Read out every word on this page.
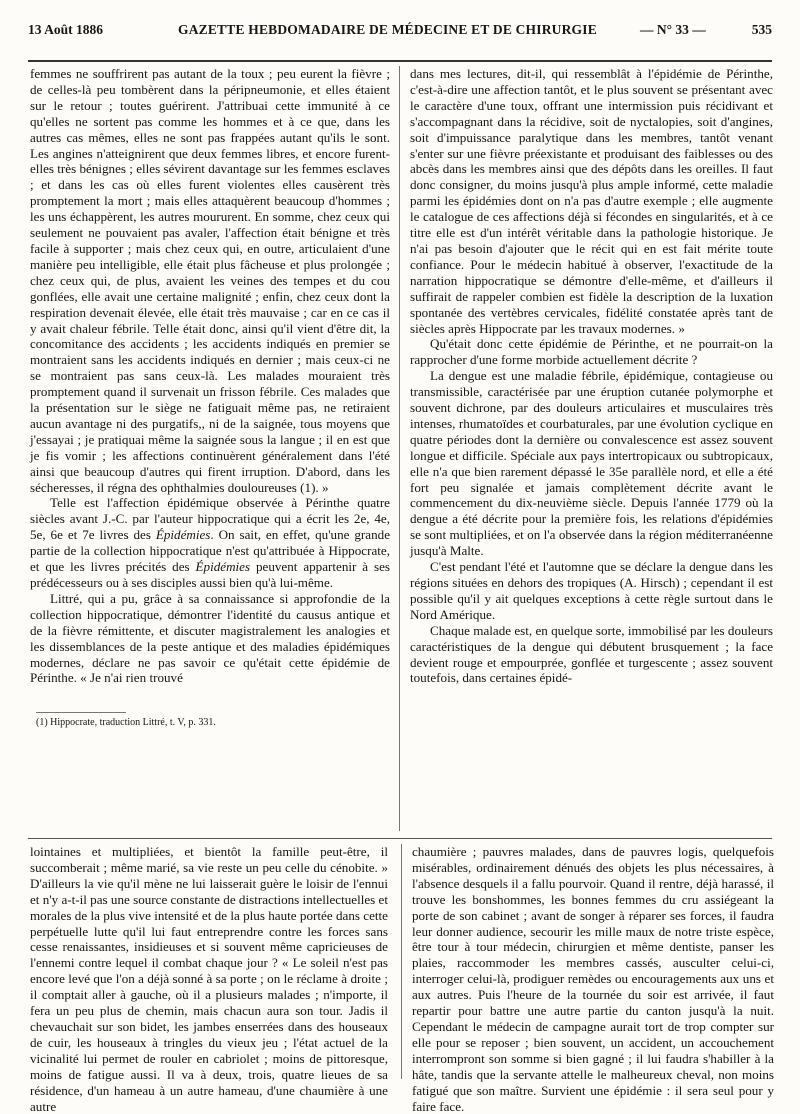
13 Août 1886	GAZETTE HEBDOMADAIRE DE MÉDECINE ET DE CHIRURGIE	— N° 33 —	535

femmes ne souffrirent pas autant de la toux ; peu eurent la fièvre ; de celles-là peu tombèrent dans la péripneumonie, et elles étaient sur le retour ; toutes guérirent. J'attribuai cette immunité à ce qu'elles ne sortent pas comme les hommes et à ce que, dans les autres cas mêmes, elles ne sont pas frappées autant qu'ils le sont. Les angines n'atteignirent que deux femmes libres, et encore furent-elles très bénignes ; elles sévirent davantage sur les femmes esclaves ; et dans les cas où elles furent violentes elles causèrent très promptement la mort ; mais elles attaquèrent beaucoup d'hommes ; les uns échappèrent, les autres moururent. En somme, chez ceux qui seulement ne pouvaient pas avaler, l'affection était bénigne et très facile à supporter ; mais chez ceux qui, en outre, articulaient d'une manière peu intelligible, elle était plus fâcheuse et plus prolongée ; chez ceux qui, de plus, avaient les veines des tempes et du cou gonflées, elle avait une certaine malignité ; enfin, chez ceux dont la respiration devenait élevée, elle était très mauvaise ; car en ce cas il y avait chaleur fébrile. Telle était donc, ainsi qu'il vient d'être dit, la concomitance des accidents ; les accidents indiqués en premier se montraient sans les accidents indiqués en dernier ; mais ceux-ci ne se montraient pas sans ceux-là. Les malades mouraient très promptement quand il survenait un frisson fébrile. Ces malades que la présentation sur le siège ne fatiguait même pas, ne retiraient aucun avantage ni des purgatifs,, ni de la saignée, tous moyens que j'essayai ; je pratiquai même la saignée sous la langue ; il en est que je fis vomir ; les affections continuèrent généralement dans l'été ainsi que beaucoup d'autres qui firent irruption. D'abord, dans les sécheresses, il régna des ophthalmies douloureuses (1). »

Telle est l'affection épidémique observée à Périnthe quatre siècles avant J.-C. par l'auteur hippocratique qui a écrit les 2e, 4e, 5e, 6e et 7e livres des Épidémies. On sait, en effet, qu'une grande partie de la collection hippocratique n'est qu'attribuée à Hippocrate, et que les livres précités des Épidémies peuvent appartenir à ses prédécesseurs ou à ses disciples aussi bien qu'à lui-même.

Littré, qui a pu, grâce à sa connaissance si approfondie de la collection hippocratique, démontrer l'identité du causus antique et de la fièvre rémittente, et discuter magistralement les analogies et les dissemblances de la peste antique et des maladies épidémiques modernes, déclare ne pas savoir ce qu'était cette épidémie de Périnthe. « Je n'ai rien trouvé

(1) Hippocrate, traduction Littré, t. V, p. 331.

dans mes lectures, dit-il, qui ressemblât à l'épidémie de Périnthe, c'est-à-dire une affection tantôt, et le plus souvent se présentant avec le caractère d'une toux, offrant une intermission puis récidivant et s'accompagnant dans la récidive, soit de nyctalopies, soit d'angines, soit d'impuissance paralytique dans les membres, tantôt venant s'enter sur une fièvre préexistante et produisant des faiblesses ou des abcès dans les membres ainsi que des dépôts dans les oreilles. Il faut donc consigner, du moins jusqu'à plus ample informé, cette maladie parmi les épidémies dont on n'a pas d'autre exemple ; elle augmente le catalogue de ces affections déjà si fécondes en singularités, et à ce titre elle est d'un intérêt véritable dans la pathologie historique. Je n'ai pas besoin d'ajouter que le récit qui en est fait mérite toute confiance. Pour le médecin habitué à observer, l'exactitude de la narration hippocratique se démontre d'elle-même, et d'ailleurs il suffirait de rappeler combien est fidèle la description de la luxation spontanée des vertèbres cervicales, fidélité constatée après tant de siècles après Hippocrate par les travaux modernes. »

Qu'était donc cette épidémie de Périnthe, et ne pourrait-on la rapprocher d'une forme morbide actuellement décrite ?

La dengue est une maladie fébrile, épidémique, contagieuse ou transmissible, caractérisée par une éruption cutanée polymorphe et souvent dichrone, par des douleurs articulaires et musculaires très intenses, rhumatoïdes et courbaturales, par une évolution cyclique en quatre périodes dont la dernière ou convalescence est assez souvent longue et difficile. Spéciale aux pays intertropicaux ou subtropicaux, elle n'a que bien rarement dépassé le 35e parallèle nord, et elle a été fort peu signalée et jamais complètement décrite avant le commencement du dix-neuvième siècle. Depuis l'année 1779 où la dengue a été décrite pour la première fois, les relations d'épidémies se sont multipliées, et on l'a observée dans la région méditerranéenne jusqu'à Malte.

C'est pendant l'été et l'automne que se déclare la dengue dans les régions situées en dehors des tropiques (A. Hirsch) ; cependant il est possible qu'il y ait quelques exceptions à cette règle surtout dans le Nord Amérique.

Chaque malade est, en quelque sorte, immobilisé par les douleurs caractéristiques de la dengue qui débutent brusquement ; la face devient rouge et empourprée, gonflée et turgescente ; assez souvent toutefois, dans certaines épidé-

lointaines et multipliées, et bientôt la famille peut-être, il succomberait ; même marié, sa vie reste un peu celle du cénobite. » D'ailleurs la vie qu'il mène ne lui laisserait guère le loisir de l'ennui et n'y a-t-il pas une source constante de distractions intellectuelles et morales de la plus vive intensité et de la plus haute portée dans cette perpétuelle lutte qu'il lui faut entreprendre contre les forces sans cesse renaissantes, insidieuses et si souvent même capricieuses de l'ennemi contre lequel il combat chaque jour ? « Le soleil n'est pas encore levé que l'on a déjà sonné à sa porte ; on le réclame à droite ; il comptait aller à gauche, où il a plusieurs malades ; n'importe, il fera un peu plus de chemin, mais chacun aura son tour. Jadis il chevauchait sur son bidet, les jambes enserrées dans des houseaux de cuir, les houseaux à tringles du vieux jeu ; l'état actuel de la vicinalité lui permet de rouler en cabriolet ; moins de pittoresque, moins de fatigue aussi. Il va à deux, trois, quatre lieues de sa résidence, d'un hameau à un autre hameau, d'une chaumière à une autre

chaumière ; pauvres malades, dans de pauvres logis, quelquefois misérables, ordinairement dénués des objets les plus nécessaires, à l'absence desquels il a fallu pourvoir. Quand il rentre, déjà harassé, il trouve les bonshommes, les bonnes femmes du cru assiégeant la porte de son cabinet ; avant de songer à réparer ses forces, il faudra leur donner audience, secourir les mille maux de notre triste espèce, être tour à tour médecin, chirurgien et même dentiste, panser les plaies, raccommoder les membres cassés, ausculter celui-ci, interroger celui-là, prodiguer remèdes ou encouragements aux uns et aux autres. Puis l'heure de la tournée du soir est arrivée, il faut repartir pour battre une autre partie du canton jusqu'à la nuit. Cependant le médecin de campagne aurait tort de trop compter sur elle pour se reposer ; bien souvent, un accident, un accouchement interrompront son somme si bien gagné ; il lui faudra s'habiller à la hâte, tandis que la servante attelle le malheureux cheval, non moins fatigué que son maître. Survient une épidémie : il sera seul pour y faire face.
